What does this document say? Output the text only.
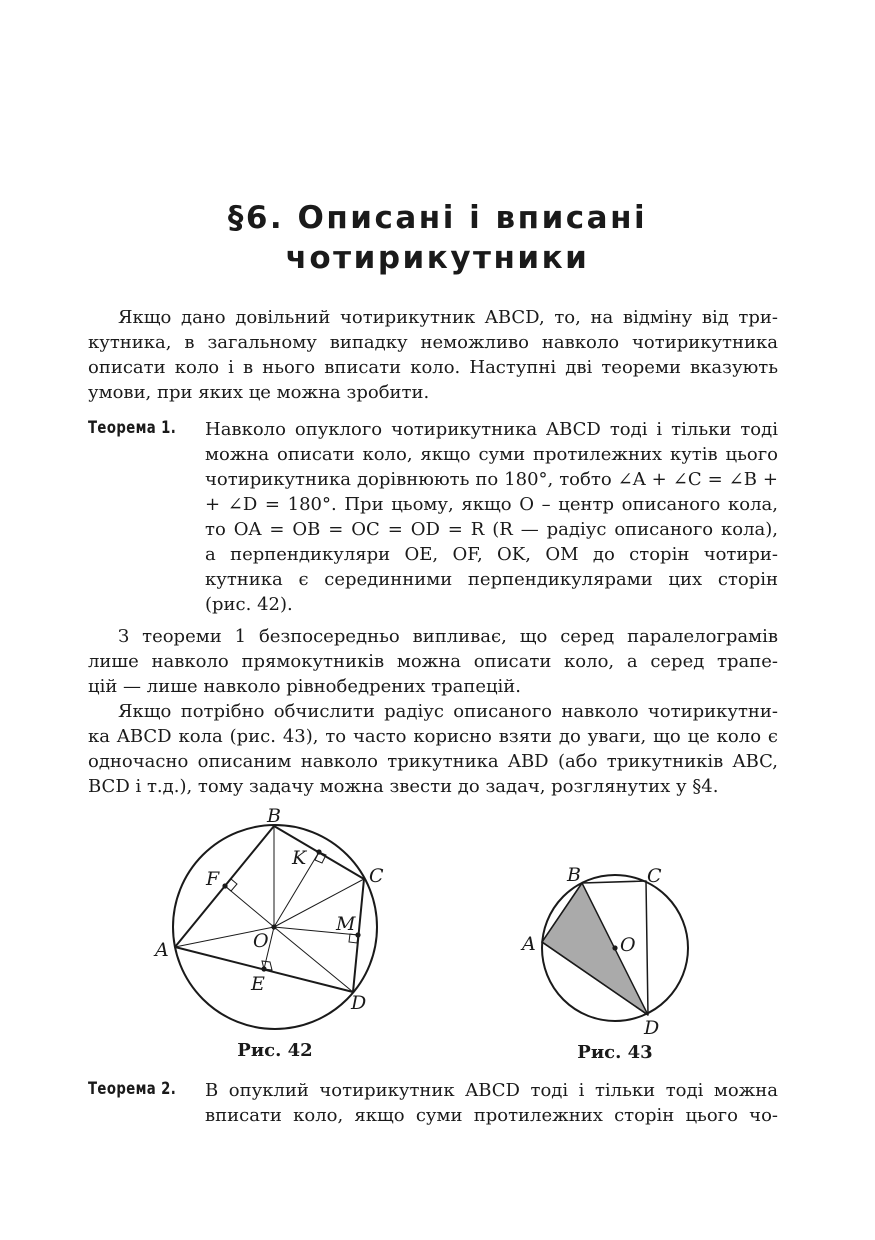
§6. Описані і вписані
чотирикутники

Якщо дано довільний чотирикутник ABCD, то, на відміну від три-
кутника, в загальному випадку неможливо навколо чотирикутника
описати коло і в нього вписати коло. Наступні дві теореми вказують
умови, при яких це можна зробити.

Теорема 1. Навколо опуклого чотирикутника ABCD тоді і тільки тоді
можна описати коло, якщо суми протилежних кутів цього
чотирикутника дорівнюють по 180°, тобто ∠A + ∠C = ∠B +
+ ∠D = 180°. При цьому, якщо O – центр описаного кола,
то OA = OB = OC = OD = R (R — радіус описаного кола),
а перпендикуляри OE, OF, OK, OM до сторін чотири-
кутника є серединними перпендикулярами цих сторін
(рис. 42).

З теореми 1 безпосередньо випливає, що серед паралелограмів
лише навколо прямокутників можна описати коло, а серед трапе-
цій — лише навколо рівнобедрених трапецій.

Якщо потрібно обчислити радіус описаного навколо чотирикутни-
ка ABCD кола (рис. 43), то часто корисно взяти до уваги, що це коло є
одночасно описаним навколо трикутника ABD (або трикутників ABC,
BCD і т.д.), тому задачу можна звести до задач, розглянутих у §4.

A
B
C
D
O
E
F
K
M
Рис. 42
A
B	C
D
O
Рис. 43
Теорема 2. В опуклий чотирикутник ABCD тоді і тільки тоді можна
вписати коло, якщо суми протилежних сторін цього чо-
